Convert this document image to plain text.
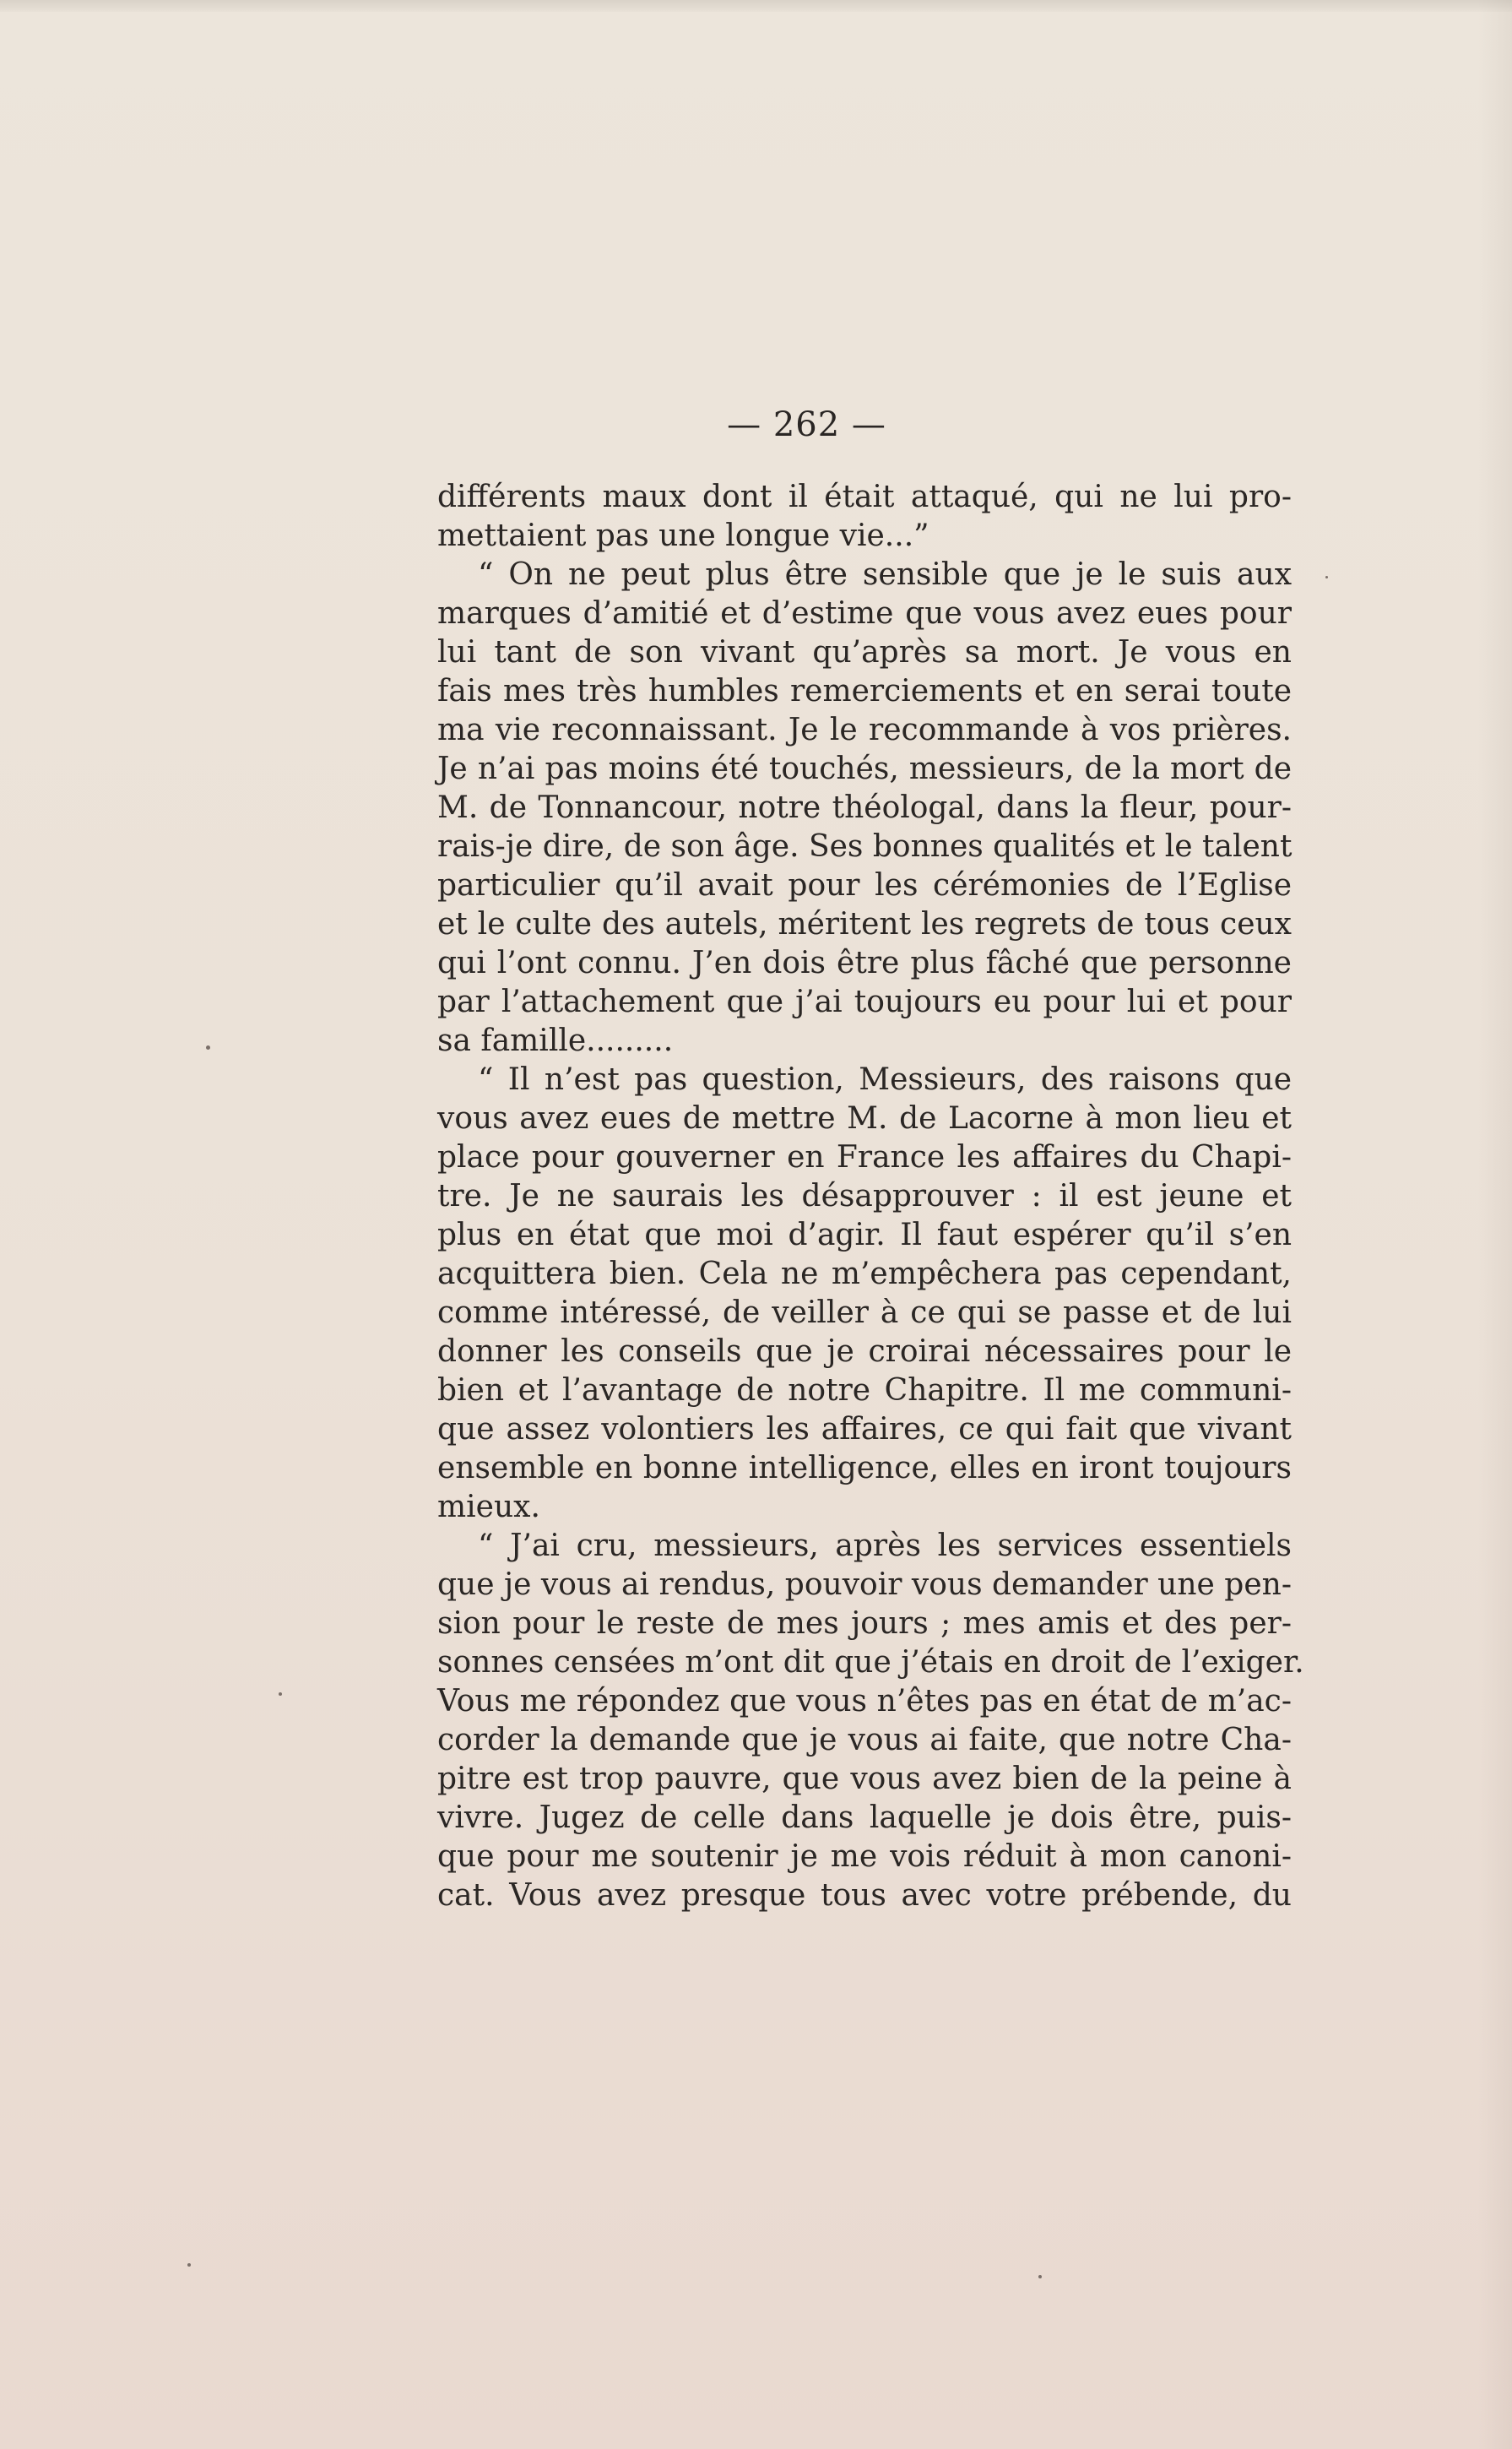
— 262 —
différents maux dont il était attaqué, qui ne lui pro-
mettaient pas une longue vie...”
“ On ne peut plus être sensible que je le suis aux
marques d’amitié et d’estime que vous avez eues pour
lui tant de son vivant qu’après sa mort. Je vous en
fais mes très humbles remerciements et en serai toute
ma vie reconnaissant. Je le recommande à vos prières.
Je n’ai pas moins été touchés, messieurs, de la mort de
M. de Tonnancour, notre théologal, dans la fleur, pour-
rais-je dire, de son âge. Ses bonnes qualités et le talent
particulier qu’il avait pour les cérémonies de l’Eglise
et le culte des autels, méritent les regrets de tous ceux
qui l’ont connu. J’en dois être plus fâché que personne
par l’attachement que j’ai toujours eu pour lui et pour
sa famille.........
“ Il n’est pas question, Messieurs, des raisons que
vous avez eues de mettre M. de Lacorne à mon lieu et
place pour gouverner en France les affaires du Chapi-
tre. Je ne saurais les désapprouver : il est jeune et
plus en état que moi d’agir. Il faut espérer qu’il s’en
acquittera bien. Cela ne m’empêchera pas cependant,
comme intéressé, de veiller à ce qui se passe et de lui
donner les conseils que je croirai nécessaires pour le
bien et l’avantage de notre Chapitre. Il me communi-
que assez volontiers les affaires, ce qui fait que vivant
ensemble en bonne intelligence, elles en iront toujours
mieux.
“ J’ai cru, messieurs, après les services essentiels
que je vous ai rendus, pouvoir vous demander une pen-
sion pour le reste de mes jours ; mes amis et des per-
sonnes censées m’ont dit que j’étais en droit de l’exiger.
Vous me répondez que vous n’êtes pas en état de m’ac-
corder la demande que je vous ai faite, que notre Cha-
pitre est trop pauvre, que vous avez bien de la peine à
vivre. Jugez de celle dans laquelle je dois être, puis-
que pour me soutenir je me vois réduit à mon canoni-
cat. Vous avez presque tous avec votre prébende, du
